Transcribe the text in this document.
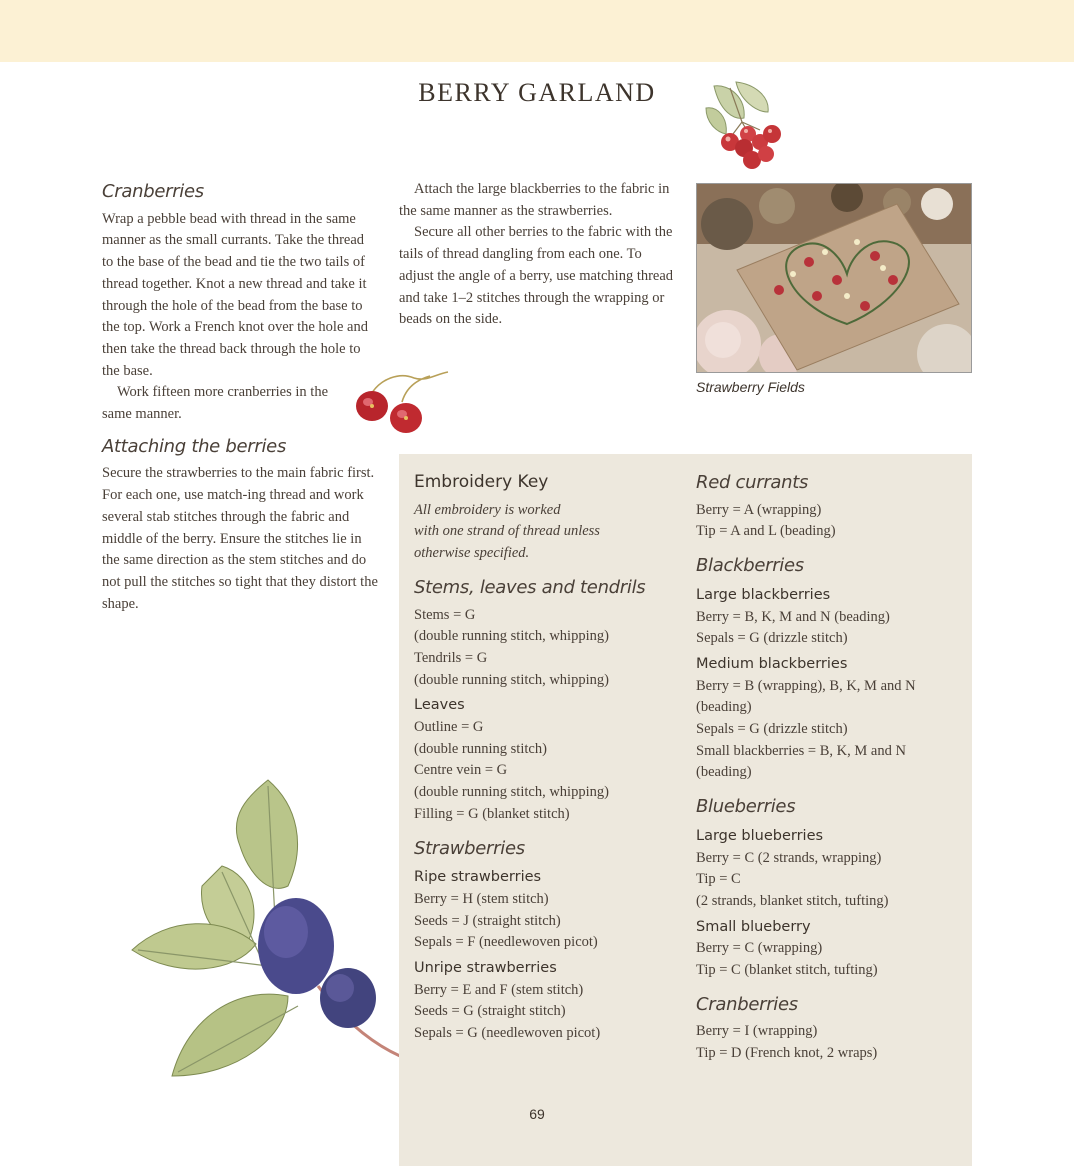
BERRY GARLAND
Cranberries

Wrap a pebble bead with thread in the same manner as the small currants. Take the thread to the base of the bead and tie the two tails of thread together. Knot a new thread and take it through the hole of the bead from the base to the top. Work a French knot over the hole and then take the thread back through the hole to the base.

Work fifteen more cranberries in the same manner.

Attaching the berries

Secure the strawberries to the main fabric first. For each one, use match-ing thread and work several stab stitches through the fabric and middle of the berry. Ensure the stitches lie in the same direction as the stem stitches and do not pull the stitches so tight that they distort the shape.

Attach the large blackberries to the fabric in the same manner as the strawberries.

Secure all other berries to the fabric with the tails of thread dangling from each one. To adjust the angle of a berry, use matching thread and take 1–2 stitches through the wrapping or beads on the side.

Strawberry Fields

Embroidery Key

All embroidery is worked

with one strand of thread unless

otherwise specified.

Stems, leaves and tendrils

Stems = G

(double running stitch, whipping)

Tendrils = G

(double running stitch, whipping)

Leaves

Outline = G

(double running stitch)

Centre vein = G

(double running stitch, whipping)

Filling = G (blanket stitch)

Strawberries

Ripe strawberries

Berry = H (stem stitch)

Seeds = J (straight stitch)

Sepals = F (needlewoven picot)

Unripe strawberries

Berry = E and F (stem stitch)

Seeds = G (straight stitch)

Sepals = G (needlewoven picot)

Red currants

Berry = A (wrapping)

Tip = A and L (beading)

Blackberries

Large blackberries

Berry = B, K, M and N (beading)

Sepals = G (drizzle stitch)

Medium blackberries

Berry = B (wrapping), B, K, M and N

(beading)

Sepals = G (drizzle stitch)

Small blackberries = B, K, M and N

(beading)

Blueberries

Large blueberries

Berry = C (2 strands, wrapping)

Tip = C

(2 strands, blanket stitch, tufting)

Small blueberry

Berry = C (wrapping)

Tip = C (blanket stitch, tufting)

Cranberries

Berry = I (wrapping)

Tip = D (French knot, 2 wraps)

69
